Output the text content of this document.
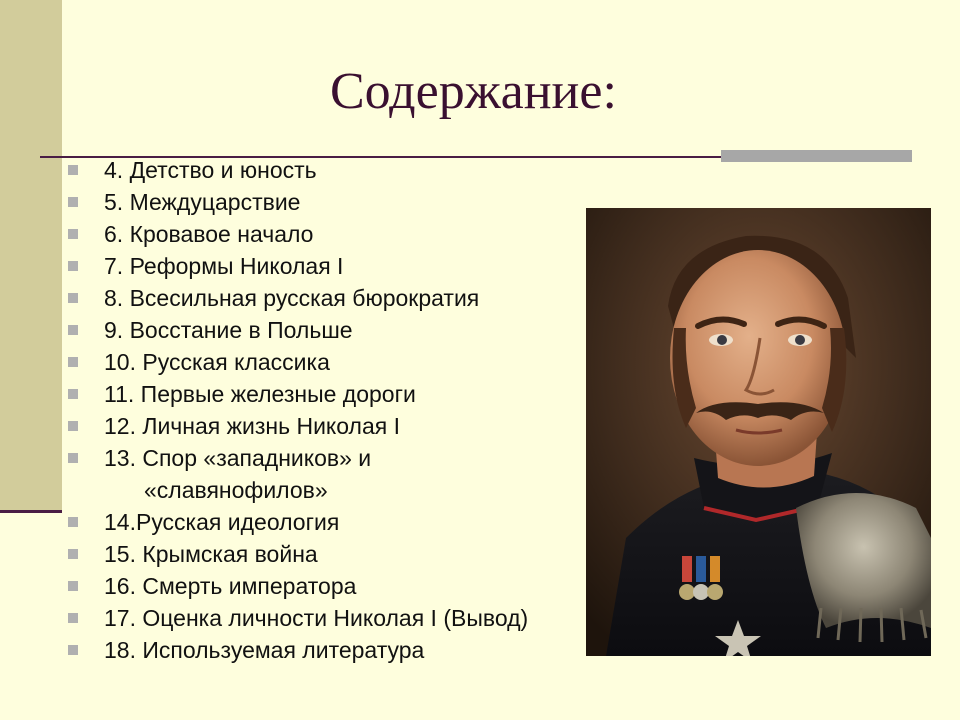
Содержание:
4. Детство и юность
5. Междуцарствие
6. Кровавое начало
7. Реформы Николая I
8. Всесильная русская бюрократия
9. Восстание в Польше
10. Русская классика
11. Первые железные дороги
12. Личная жизнь Николая I
13. Спор «западников» и
«славянофилов»
14.Русская идеология
15. Крымская война
16. Смерть императора
17. Оценка личности Николая I (Вывод)
18. Используемая литература
